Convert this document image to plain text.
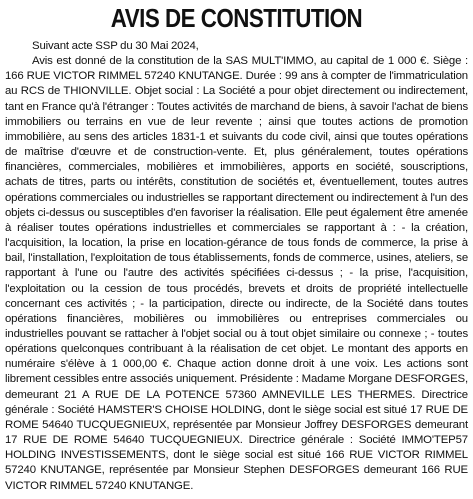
AVIS DE CONSTITUTION

Suivant acte SSP du 30 Mai 2024,

Avis est donné de la constitution de la SAS MULT'IMMO, au capital de 1 000 €. Siège : 166 RUE VICTOR RIMMEL 57240 KNUTANGE. Durée : 99 ans à compter de l'immatriculation au RCS de THIONVILLE. Objet social : La Société a pour objet directement ou indirectement, tant en France qu'à l'étranger : Toutes activités de marchand de biens, à savoir l'achat de biens immobiliers ou terrains en vue de leur revente ; ainsi que toutes actions de promotion immobilière, au sens des articles 1831-1 et suivants du code civil, ainsi que toutes opérations de maîtrise d'œuvre et de construction-vente. Et, plus généralement, toutes opérations financières, commerciales, mobilières et immobilières, apports en société, souscriptions, achats de titres, parts ou intérêts, constitution de sociétés et, éventuellement, toutes autres opérations commerciales ou industrielles se rapportant directement ou indirectement à l'un des objets ci-dessus ou susceptibles d'en favoriser la réalisation. Elle peut également être amenée à réaliser toutes opérations industrielles et commerciales se rapportant à : - la création, l'acquisition, la location, la prise en location-gérance de tous fonds de commerce, la prise à bail, l'installation, l'exploitation de tous établissements, fonds de commerce, usines, ateliers, se rapportant à l'une ou l'autre des activités spécifiées ci-dessus ; - la prise, l'acquisition, l'exploitation ou la cession de tous procédés, brevets et droits de propriété intellectuelle concernant ces activités ; - la participation, directe ou indirecte, de la Société dans toutes opérations financières, mobilières ou immobilières ou entreprises commerciales ou industrielles pouvant se rattacher à l'objet social ou à tout objet similaire ou connexe ; - toutes opérations quelconques contribuant à la réalisation de cet objet. Le montant des apports en numéraire s'élève à 1 000,00 €. Chaque action donne droit à une voix. Les actions sont librement cessibles entre associés uniquement. Présidente : Madame Morgane DESFORGES, demeurant 21 A RUE DE LA POTENCE 57360 AMNEVILLE LES THERMES. Directrice générale : Société HAMSTER'S CHOISE HOLDING, dont le siège social est situé 17 RUE DE ROME 54640 TUCQUEGNIEUX, représentée par Monsieur Joffrey DESFORGES demeurant 17 RUE DE ROME 54640 TUCQUEGNIEUX. Directrice générale : Société IMMO'TEP57 HOLDING INVESTISSEMENTS, dont le siège social est situé 166 RUE VICTOR RIMMEL 57240 KNUTANGE, représentée par Monsieur Stephen DESFORGES demeurant 166 RUE VICTOR RIMMEL 57240 KNUTANGE.
